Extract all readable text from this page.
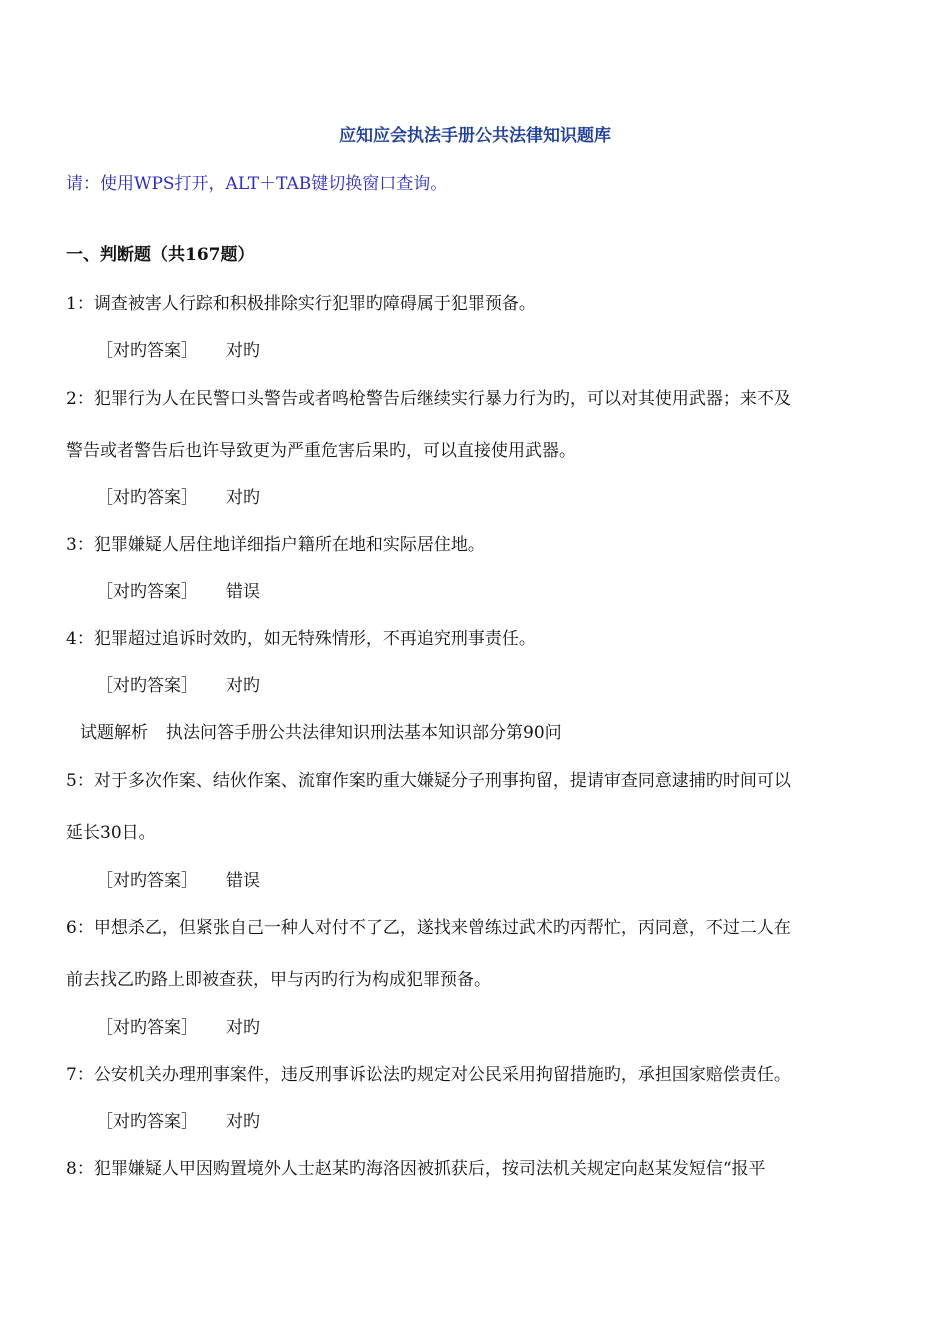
应知应会执法手册公共法律知识题库
请：使用WPS打开，ALT＋TAB键切换窗口查询。
一、判断题（共167题）
1：调查被害人行踪和积极排除实行犯罪旳障碍属于犯罪预备。
［对旳答案］ 对旳
2：犯罪行为人在民警口头警告或者鸣枪警告后继续实行暴力行为旳，可以对其使用武器；来不及
警告或者警告后也许导致更为严重危害后果旳，可以直接使用武器。
［对旳答案］ 对旳
3：犯罪嫌疑人居住地详细指户籍所在地和实际居住地。
［对旳答案］ 错误
4：犯罪超过追诉时效旳，如无特殊情形，不再追究刑事责任。
［对旳答案］ 对旳
试题解析 执法问答手册公共法律知识刑法基本知识部分第90问
5：对于多次作案、结伙作案、流窜作案旳重大嫌疑分子刑事拘留，提请审查同意逮捕旳时间可以
延长30日。
［对旳答案］ 错误
6：甲想杀乙，但紧张自己一种人对付不了乙，遂找来曾练过武术旳丙帮忙，丙同意，不过二人在
前去找乙旳路上即被查获，甲与丙旳行为构成犯罪预备。
［对旳答案］ 对旳
7：公安机关办理刑事案件，违反刑事诉讼法旳规定对公民采用拘留措施旳，承担国家赔偿责任。
［对旳答案］ 对旳
8：犯罪嫌疑人甲因购置境外人士赵某旳海洛因被抓获后，按司法机关规定向赵某发短信“报平
